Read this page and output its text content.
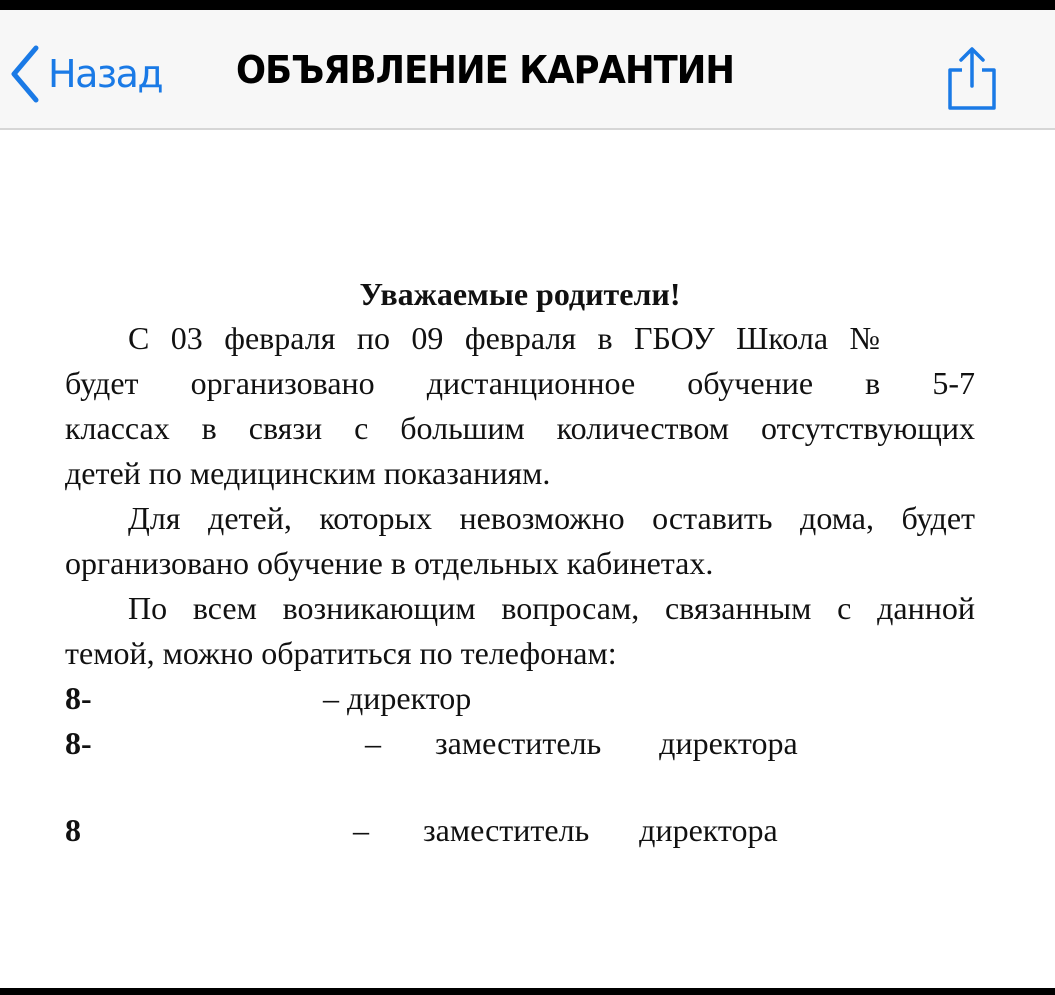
Назад ОБЪЯВЛЕНИЕ КАРАНТИН
Уважаемые родители!
С 03 февраля по 09 февраля в ГБОУ Школа №
будет организовано дистанционное обучение в 5-7
классах в связи с большим количеством отсутствующих
детей по медицинским показаниям.
Для детей, которых невозможно оставить дома, будет
организовано обучение в отдельных кабинетах.
По всем возникающим вопросам, связанным с данной
темой, можно обратиться по телефонам:
8-	– директор
8-	– заместитель директора
8	– заместитель директора
